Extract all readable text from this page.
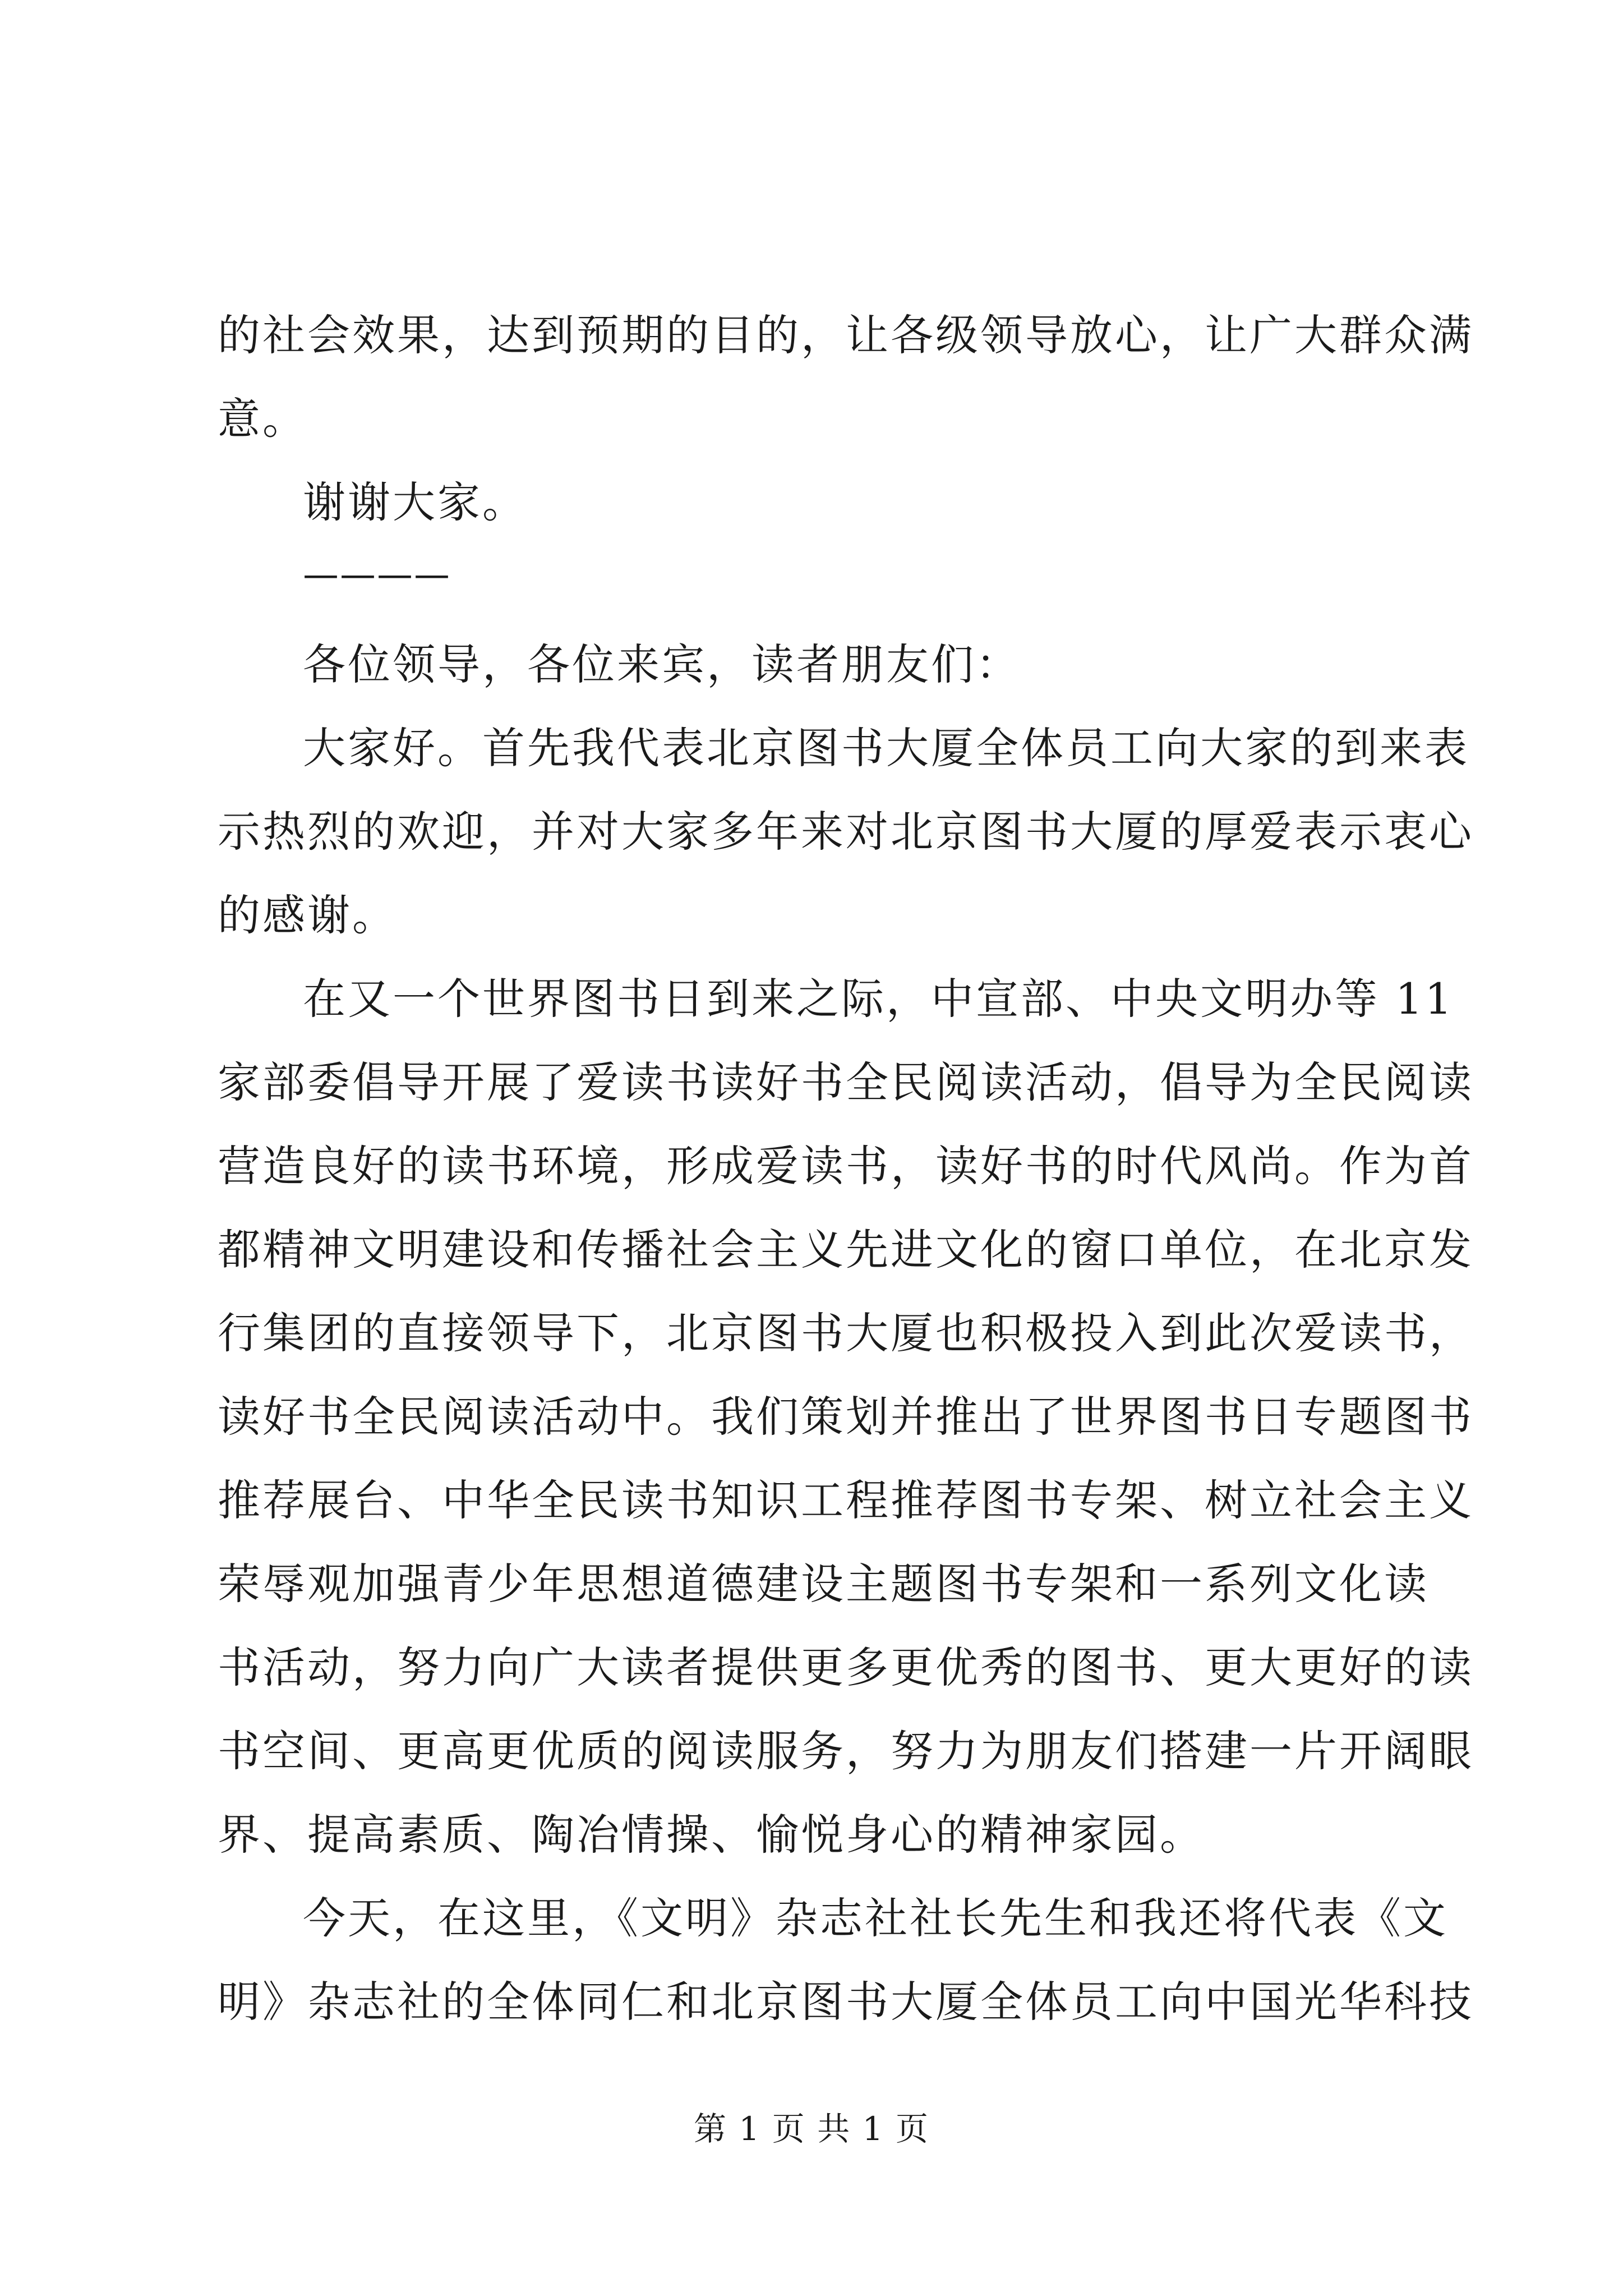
的社会效果，达到预期的目的，让各级领导放心，让广大群众满
意。
谢谢大家。
————
各位领导，各位来宾，读者朋友们：
大家好。首先我代表北京图书大厦全体员工向大家的到来表
示热烈的欢迎，并对大家多年来对北京图书大厦的厚爱表示衷心
的感谢。
在又一个世界图书日到来之际，中宣部、中央文明办等 11
家部委倡导开展了爱读书读好书全民阅读活动，倡导为全民阅读
营造良好的读书环境，形成爱读书，读好书的时代风尚。作为首
都精神文明建设和传播社会主义先进文化的窗口单位，在北京发
行集团的直接领导下，北京图书大厦也积极投入到此次爱读书，
读好书全民阅读活动中。我们策划并推出了世界图书日专题图书
推荐展台、中华全民读书知识工程推荐图书专架、树立社会主义
荣辱观加强青少年思想道德建设主题图书专架和一系列文化读
书活动，努力向广大读者提供更多更优秀的图书、更大更好的读
书空间、更高更优质的阅读服务，努力为朋友们搭建一片开阔眼
界、提高素质、陶冶情操、愉悦身心的精神家园。
今天，在这里，《文明》杂志社社长先生和我还将代表《文
明》杂志社的全体同仁和北京图书大厦全体员工向中国光华科技
第 1 页 共 1 页
